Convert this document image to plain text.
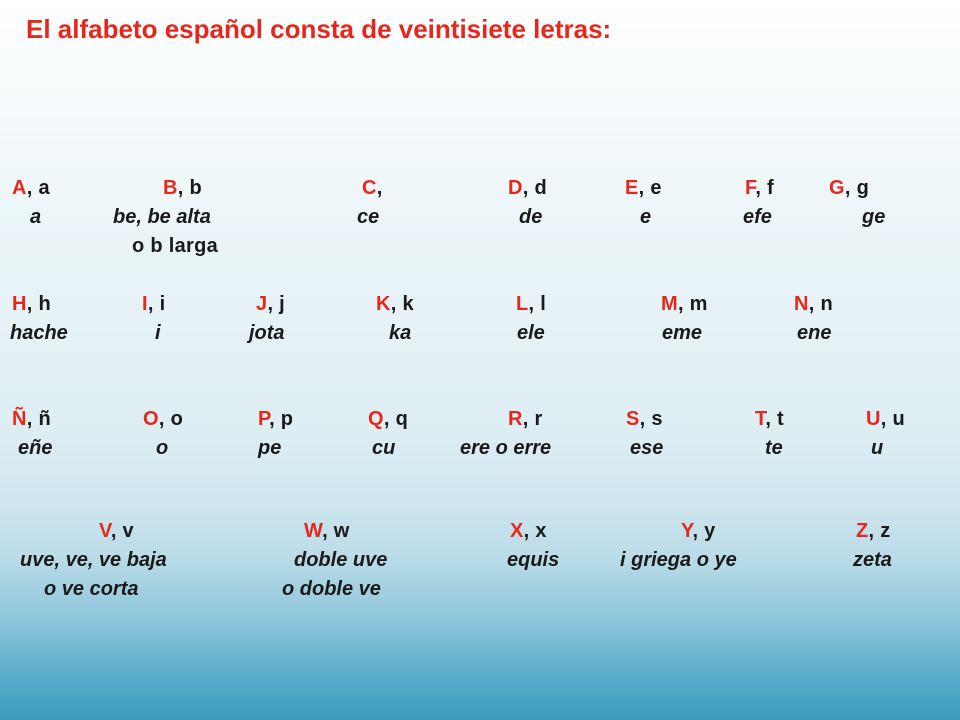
El alfabeto español consta de veintisiete letras:
A, a
a
B, b
be, be alta
o b larga
C,
ce
D, d
de
E, e
e
F, f
efe
G, g
ge
H, h
hache
I, i
i
J, j
jota
K, k
ka
L, l
ele
M, m
eme
N, n
ene
Ñ, ñ
eñe
O, o
o
P, p
pe
Q, q
cu
R, r
ere o erre
S, s
ese
T, t
te
U, u
u
V, v
uve, ve, ve baja
o ve corta
W, w
doble uve
o doble ve
X, x
equis
Y, y
i griega o ye
Z, z
zeta
